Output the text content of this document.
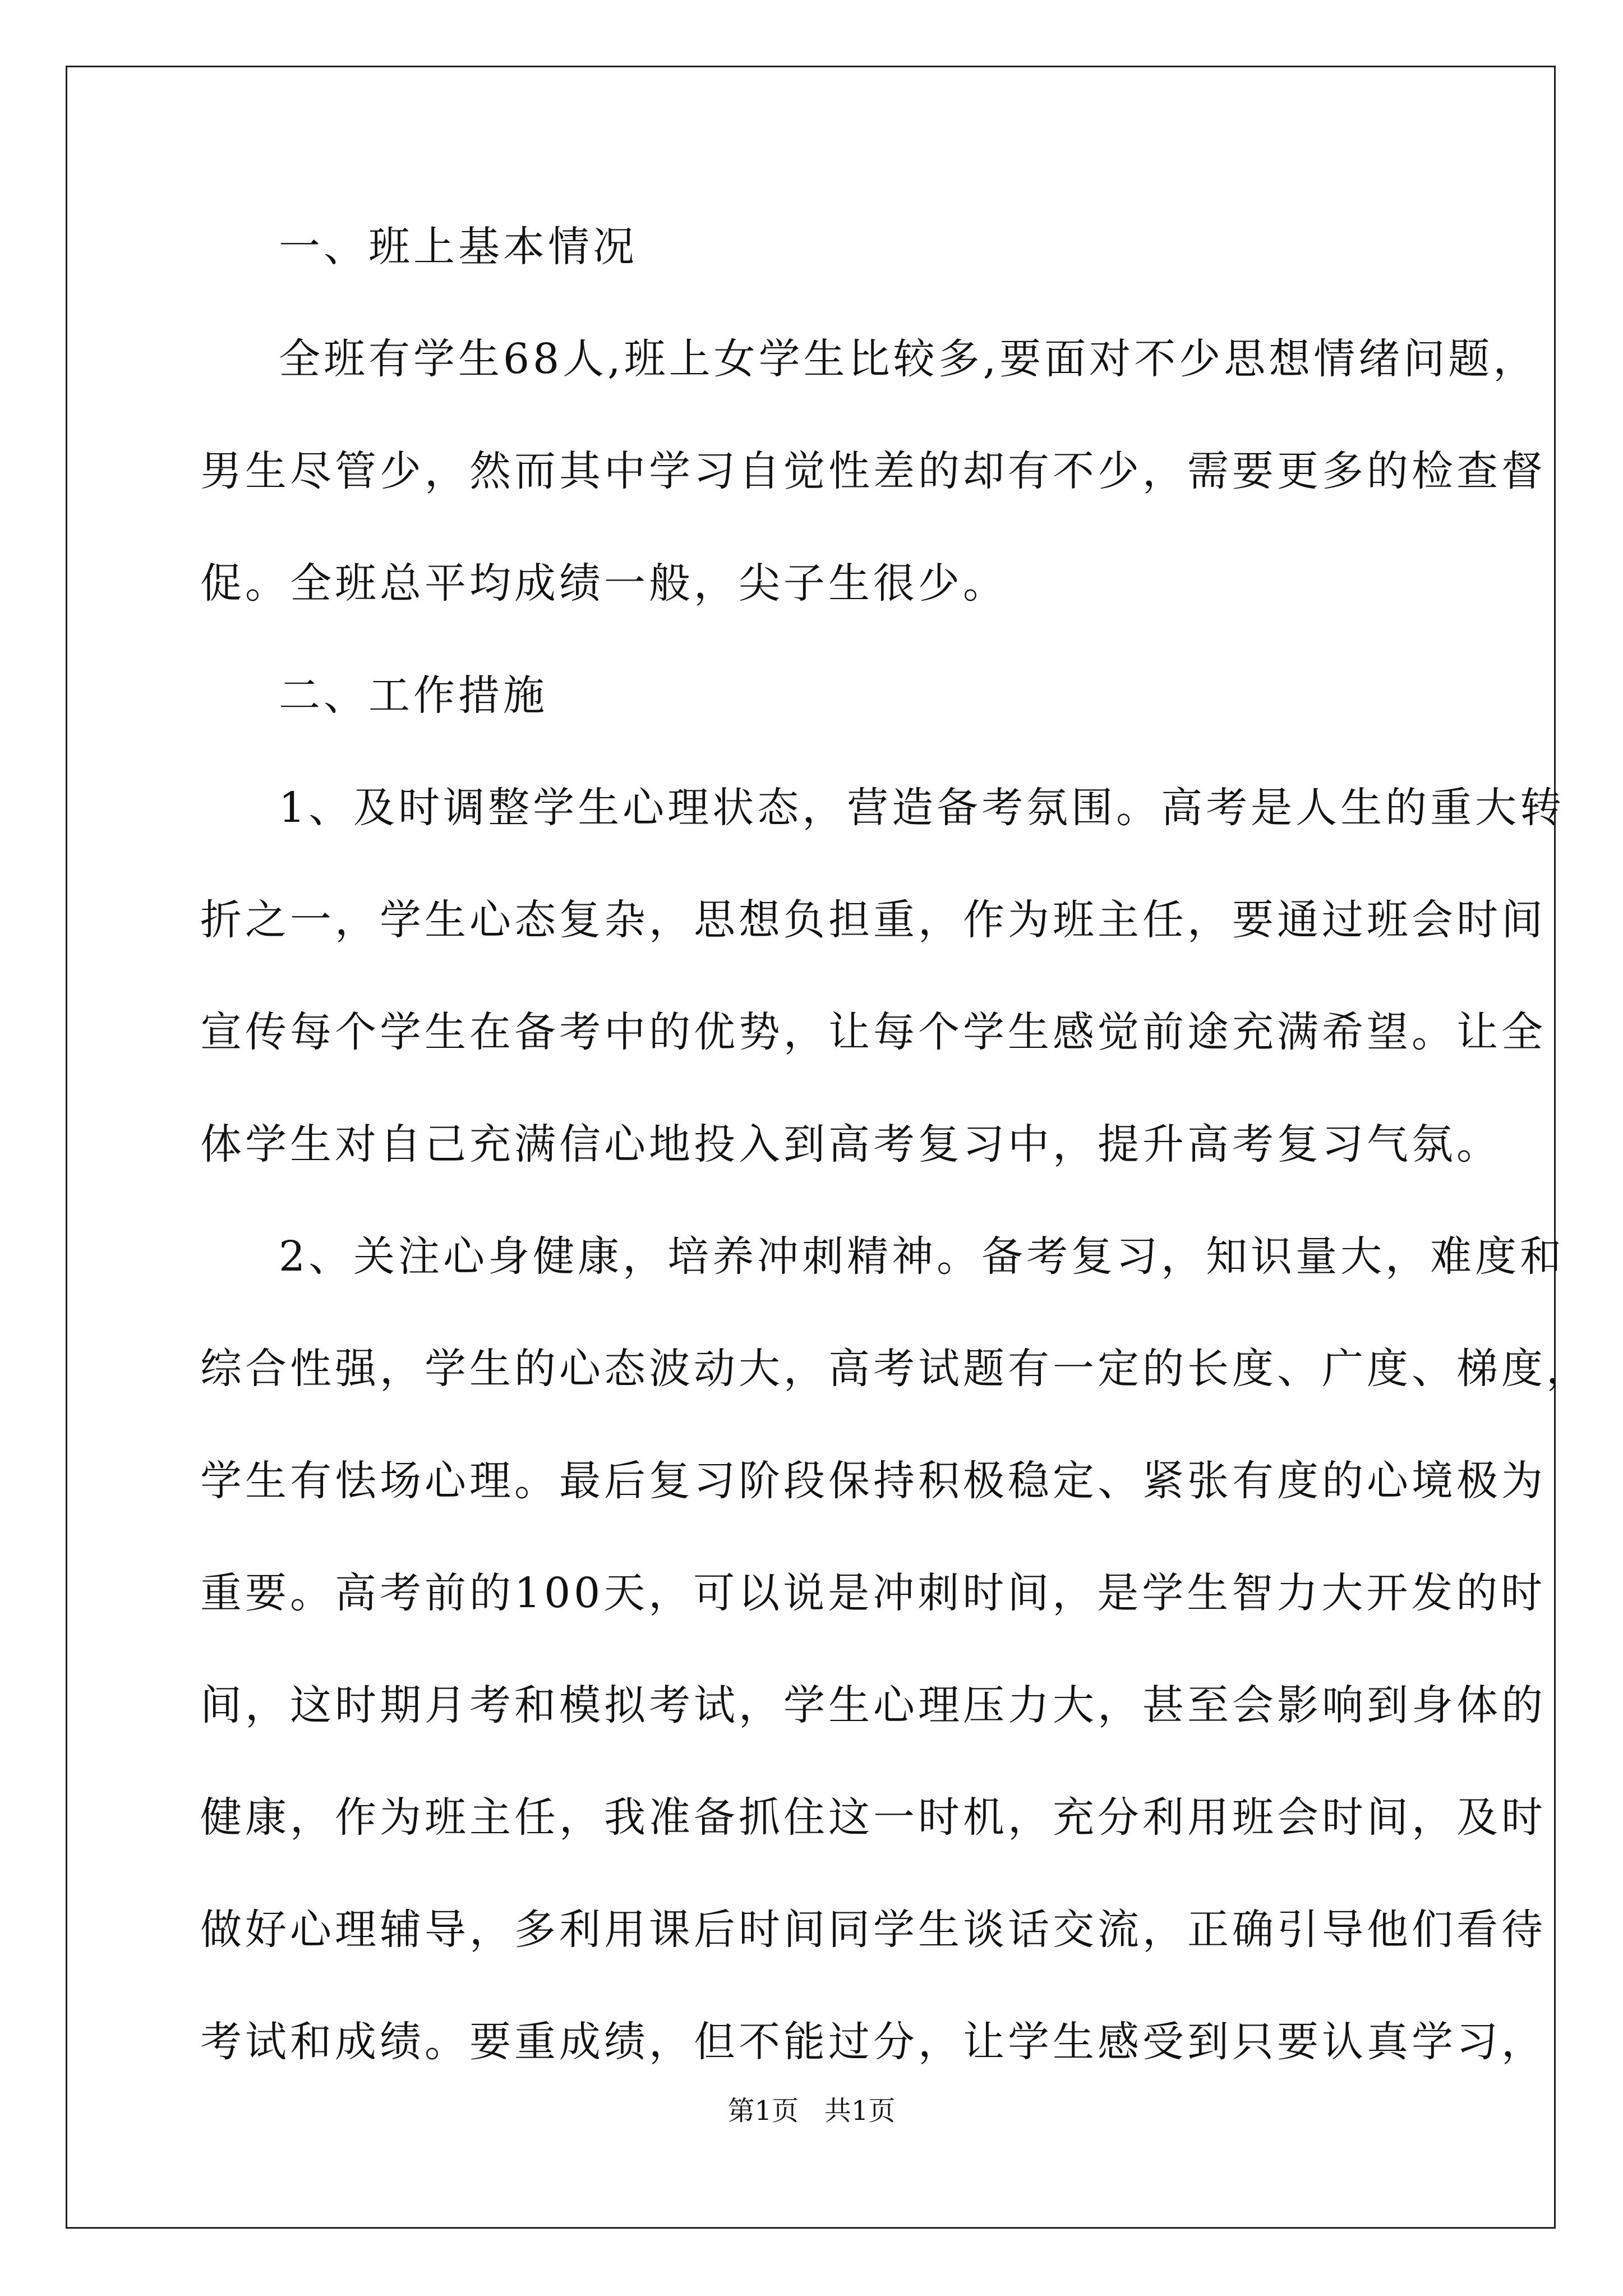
一、班上基本情况
全班有学生68人,班上女学生比较多,要面对不少思想情绪问题，
男生尽管少，然而其中学习自觉性差的却有不少，需要更多的检查督
促。全班总平均成绩一般，尖子生很少。
二、工作措施
1、及时调整学生心理状态，营造备考氛围。高考是人生的重大转
折之一，学生心态复杂，思想负担重，作为班主任，要通过班会时间
宣传每个学生在备考中的优势，让每个学生感觉前途充满希望。让全
体学生对自己充满信心地投入到高考复习中，提升高考复习气氛。
2、关注心身健康，培养冲刺精神。备考复习，知识量大，难度和
综合性强，学生的心态波动大，高考试题有一定的长度、广度、梯度，
学生有怯场心理。最后复习阶段保持积极稳定、紧张有度的心境极为
重要。高考前的100天，可以说是冲刺时间，是学生智力大开发的时
间，这时期月考和模拟考试，学生心理压力大，甚至会影响到身体的
健康，作为班主任，我准备抓住这一时机，充分利用班会时间，及时
做好心理辅导，多利用课后时间同学生谈话交流，正确引导他们看待
考试和成绩。要重成绩，但不能过分，让学生感受到只要认真学习，
第1页   共1页
